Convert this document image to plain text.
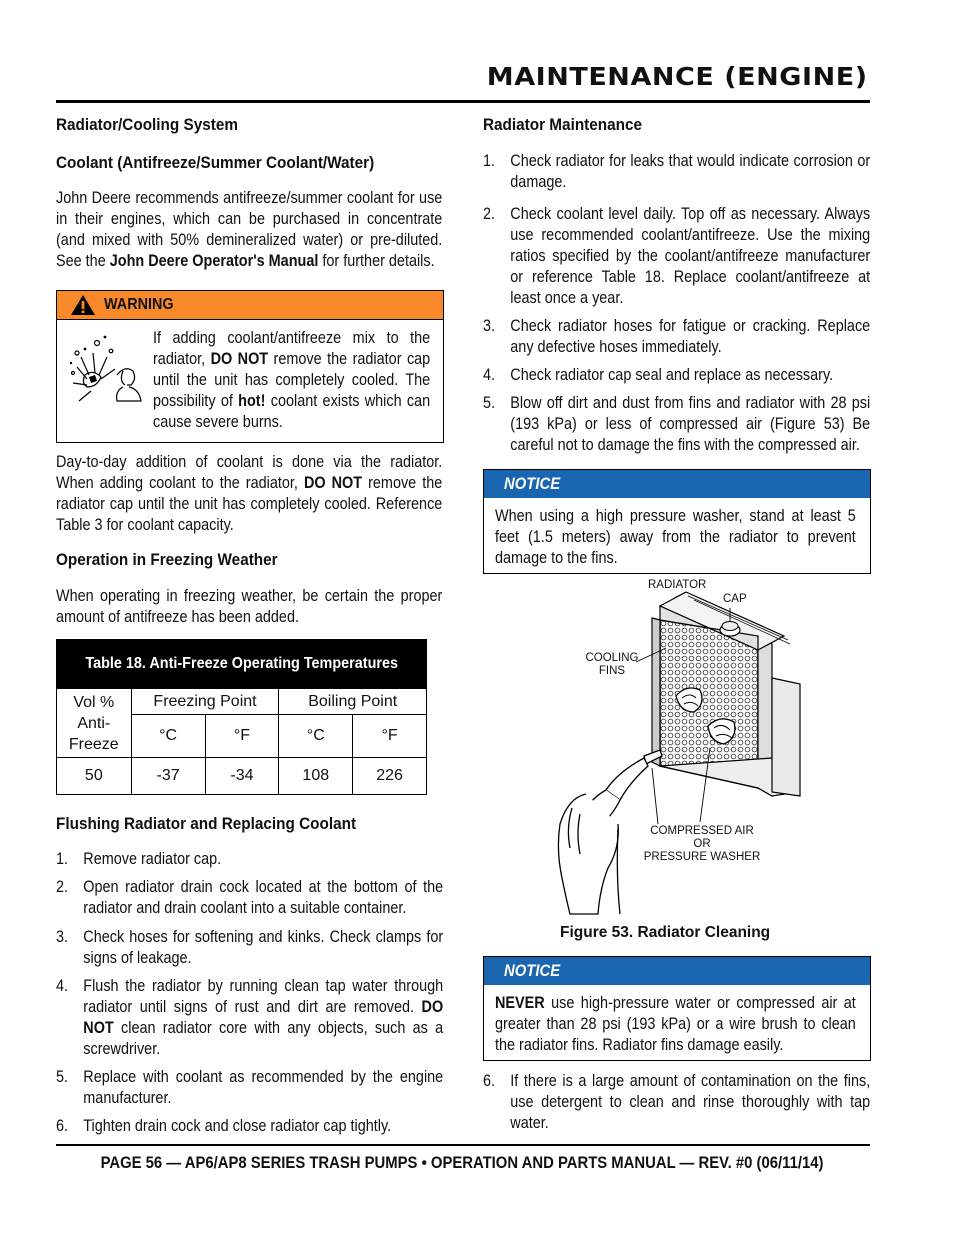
MAINTENANCE (ENGINE)
Radiator/Cooling System
Coolant (Antifreeze/Summer Coolant/Water)
John Deere recommends antifreeze/summer coolant for use in their engines, which can be purchased in concentrate (and mixed with 50% demineralized water) or pre-diluted. See the John Deere Operator's Manual for further details.
WARNING
If adding coolant/antifreeze mix to the radiator, DO NOT remove the radiator cap until the unit has completely cooled. The possibility of hot! coolant exists which can cause severe burns.
Day-to-day addition of coolant is done via the radiator. When adding coolant to the radiator, DO NOT remove the radiator cap until the unit has completely cooled. Reference Table 3 for coolant capacity.
Operation in Freezing Weather
When operating in freezing weather, be certain the proper amount of antifreeze has been added.
Table 18. Anti-Freeze Operating Temperatures				
Vol % Anti-Freeze	Freezing Point		Boiling Point	
	°C	°F	°C	°F
50	-37	-34	108	226
Flushing Radiator and Replacing Coolant
1. Remove radiator cap.
2. Open radiator drain cock located at the bottom of the radiator and drain coolant into a suitable container.
3. Check hoses for softening and kinks. Check clamps for signs of leakage.
4. Flush the radiator by running clean tap water through radiator until signs of rust and dirt are removed. DO NOT clean radiator core with any objects, such as a screwdriver.
5. Replace with coolant as recommended by the engine manufacturer.
6. Tighten drain cock and close radiator cap tightly.
Radiator Maintenance
1. Check radiator for leaks that would indicate corrosion or damage.
2. Check coolant level daily. Top off as necessary. Always use recommended coolant/antifreeze. Use the mixing ratios specified by the coolant/antifreeze manufacturer or reference Table 18. Replace coolant/antifreeze at least once a year.
3. Check radiator hoses for fatigue or cracking. Replace any defective hoses immediately.
4. Check radiator cap seal and replace as necessary.
5. Blow off dirt and dust from fins and radiator with 28 psi (193 kPa) or less of compressed air (Figure 53) Be careful not to damage the fins with the compressed air.
NOTICE
When using a high pressure washer, stand at least 5 feet (1.5 meters) away from the radiator to prevent damage to the fins.
RADIATOR
CAP
COOLING
FINS
COMPRESSED AIR
OR
PRESSURE WASHER
Figure 53. Radiator Cleaning
NOTICE
NEVER use high-pressure water or compressed air at greater than 28 psi (193 kPa) or a wire brush to clean the radiator fins. Radiator fins damage easily.
6. If there is a large amount of contamination on the fins, use detergent to clean and rinse thoroughly with tap water.
PAGE 56 — AP6/AP8 SERIES TRASH PUMPS • OPERATION AND PARTS MANUAL — REV. #0 (06/11/14)
